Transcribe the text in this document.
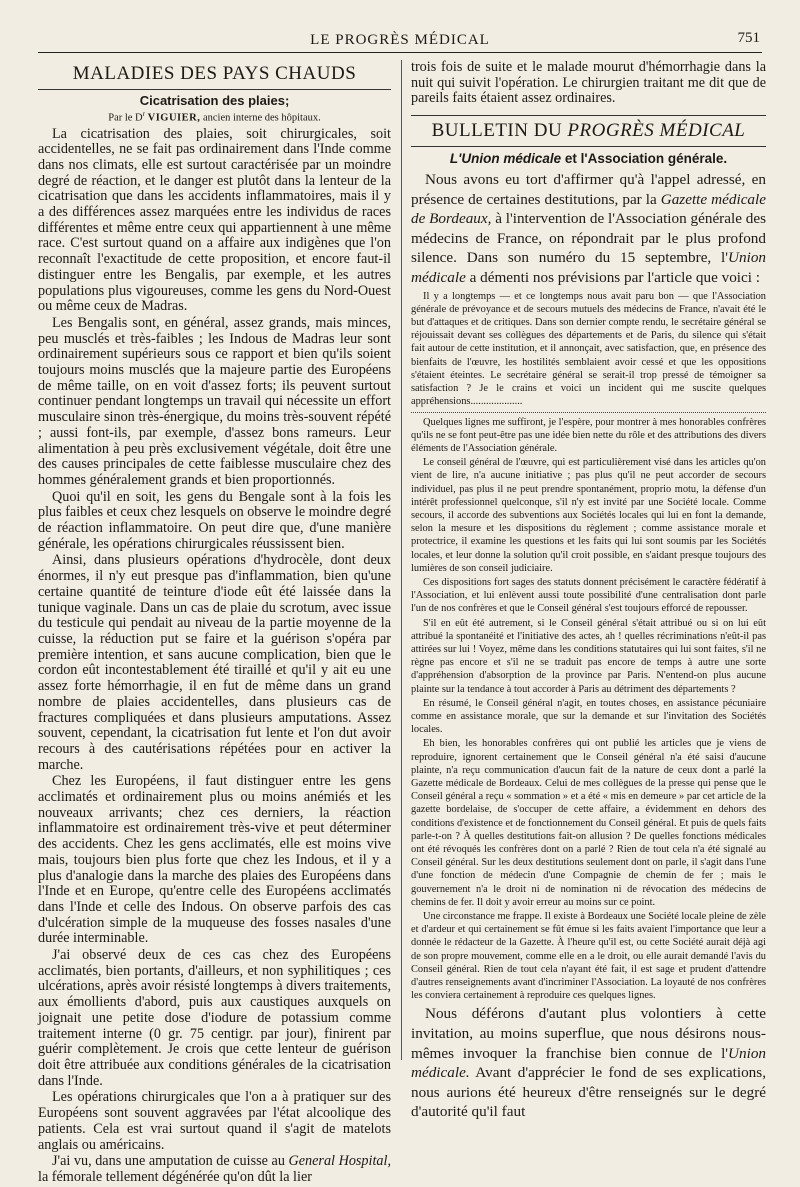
LE PROGRÈS MÉDICAL	751
MALADIES DES PAYS CHAUDS
Cicatrisation des plaies;
Par le $D^r$ VIGUIER, ancien interne des hôpitaux.

La cicatrisation des plaies, soit chirurgicales, soit accidentelles, ne se fait pas ordinairement dans l'Inde comme dans nos climats, elle est surtout caractérisée par un moindre degré de réaction, et le danger est plutôt dans la lenteur de la cicatrisation que dans les accidents inflammatoires, mais il y a des différences assez marquées entre les individus de races différentes et même entre ceux qui appartiennent à une même race. C'est surtout quand on a affaire aux indigènes que l'on reconnaît l'exactitude de cette proposition, et encore faut-il distinguer entre les Bengalis, par exemple, et les autres populations plus vigoureuses, comme les gens du Nord-Ouest ou même ceux de Madras.

Les Bengalis sont, en général, assez grands, mais minces, peu musclés et très-faibles ; les Indous de Madras leur sont ordinairement supérieurs sous ce rapport et bien qu'ils soient toujours moins musclés que la majeure partie des Européens de même taille, on en voit d'assez forts; ils peuvent surtout continuer pendant longtemps un travail qui nécessite un effort musculaire sinon très-énergique, du moins très-souvent répété ; aussi font-ils, par exemple, d'assez bons rameurs. Leur alimentation à peu près exclusivement végétale, doit être une des causes principales de cette faiblesse musculaire chez des hommes généralement grands et bien proportionnés.

Quoi qu'il en soit, les gens du Bengale sont à la fois les plus faibles et ceux chez lesquels on observe le moindre degré de réaction inflammatoire. On peut dire que, d'une manière générale, les opérations chirurgicales réussissent bien.

Ainsi, dans plusieurs opérations d'hydrocèle, dont deux énormes, il n'y eut presque pas d'inflammation, bien qu'une certaine quantité de teinture d'iode eût été laissée dans la tunique vaginale. Dans un cas de plaie du scrotum, avec issue du testicule qui pendait au niveau de la partie moyenne de la cuisse, la réduction put se faire et la guérison s'opéra par première intention, et sans aucune complication, bien que le cordon eût incontestablement été tiraillé et qu'il y ait eu une assez forte hémorrhagie, il en fut de même dans un grand nombre de plaies accidentelles, dans plusieurs cas de fractures compliquées et dans plusieurs amputations. Assez souvent, cependant, la cicatrisation fut lente et l'on dut avoir recours à des cautérisations répétées pour en activer la marche.

Chez les Européens, il faut distinguer entre les gens acclimatés et ordinairement plus ou moins anémiés et les nouveaux arrivants; chez ces derniers, la réaction inflammatoire est ordinairement très-vive et peut déterminer des accidents. Chez les gens acclimatés, elle est moins vive mais, toujours bien plus forte que chez les Indous, et il y a plus d'analogie dans la marche des plaies des Européens dans l'Inde et en Europe, qu'entre celle des Européens acclimatés dans l'Inde et celle des Indous. On observe parfois des cas d'ulcération simple de la muqueuse des fosses nasales d'une durée interminable.

J'ai observé deux de ces cas chez des Européens acclimatés, bien portants, d'ailleurs, et non syphilitiques ; ces ulcérations, après avoir résisté longtemps à divers traitements, aux émollients d'abord, puis aux caustiques auxquels on joignait une petite dose d'iodure de potassium comme traitement interne (0 gr. 75 centigr. par jour), finirent par guérir complètement. Je crois que cette lenteur de guérison doit être attribuée aux conditions générales de la cicatrisation dans l'Inde.

Les opérations chirurgicales que l'on a à pratiquer sur des Européens sont souvent aggravées par l'état alcoolique des patients. Cela est vrai surtout quand il s'agit de matelots anglais ou américains.

J'ai vu, dans une amputation de cuisse au General Hospital, la fémorale tellement dégénérée qu'on dût la lier

trois fois de suite et le malade mourut d'hémorrhagie dans la nuit qui suivit l'opération. Le chirurgien traitant me dit que de pareils faits étaient assez ordinaires.

BULLETIN DU PROGRÈS MÉDICAL
L'Union médicale et l'Association générale.

Nous avons eu tort d'affirmer qu'à l'appel adressé, en présence de certaines destitutions, par la Gazette médicale de Bordeaux, à l'intervention de l'Association générale des médecins de France, on répondrait par le plus profond silence. Dans son numéro du 15 septembre, l'Union médicale a démenti nos prévisions par l'article que voici :

Il y a longtemps — et ce longtemps nous avait paru bon — que l'Association générale de prévoyance et de secours mutuels des médecins de France, n'avait été le but d'attaques et de critiques. Dans son dernier compte rendu, le secrétaire général se réjouissait devant ses collègues des départements et de Paris, du silence qui s'était fait autour de cette institution, et il annonçait, avec satisfaction, que, en présence des bienfaits de l'œuvre, les hostilités semblaient avoir cessé et que les oppositions s'étaient éteintes. Le secrétaire général se serait-il trop pressé de témoigner sa satisfaction ? Je le crains et voici un incident qui me suscite quelques appréhensions....................

Quelques lignes me suffiront, je l'espère, pour montrer à mes honorables confrères qu'ils ne se font peut-être pas une idée bien nette du rôle et des attributions des divers éléments de l'Association générale.

Le conseil général de l'œuvre, qui est particulièrement visé dans les articles qu'on vient de lire, n'a aucune initiative ; pas plus qu'il ne peut accorder de secours individuel, pas plus il ne peut prendre spontanément, proprio motu, la défense d'un intérêt professionnel quelconque, s'il n'y est invité par une Société locale. Comme secours, il accorde des subventions aux Sociétés locales qui lui en font la demande, selon la mesure et les dispositions du règlement ; comme assistance morale et protectrice, il examine les questions et les faits qui lui sont soumis par les Sociétés locales, et leur donne la solution qu'il croit possible, en s'aidant presque toujours des lumières de son conseil judiciaire.

Ces dispositions fort sages des statuts donnent précisément le caractère fédératif à l'Association, et lui enlèvent aussi toute possibilité d'une centralisation dont parle l'un de nos confrères et que le Conseil général s'est toujours efforcé de repousser.

S'il en eût été autrement, si le Conseil général s'était attribué ou si on lui eût attribué la spontanéité et l'initiative des actes, ah ! quelles récriminations n'eût-il pas attirées sur lui ! Voyez, même dans les conditions statutaires qui lui sont faites, s'il ne règne pas encore et s'il ne se traduit pas encore de temps à autre une sorte d'appréhension d'absorption de la province par Paris. N'entend-on plus aucune plainte sur la tendance à tout accorder à Paris au détriment des départements ?

En résumé, le Conseil général n'agit, en toutes choses, en assistance pécuniaire comme en assistance morale, que sur la demande et sur l'invitation des Sociétés locales.

Eh bien, les honorables confrères qui ont publié les articles que je viens de reproduire, ignorent certainement que le Conseil général n'a été saisi d'aucune plainte, n'a reçu communication d'aucun fait de la nature de ceux dont a parlé la Gazette médicale de Bordeaux. Celui de mes collègues de la presse qui pense que le Conseil général a reçu « sommation » et a été « mis en demeure » par cet article de la gazette bordelaise, de s'occuper de cette affaire, a évidemment en dehors des conditions d'existence et de fonctionnement du Conseil général. Et puis de quels faits parle-t-on ? À quelles destitutions fait-on allusion ? De quelles fonctions médicales ont été révoqués les confrères dont on a parlé ? Rien de tout cela n'a été signalé au Conseil général. Sur les deux destitutions seulement dont on parle, il s'agit dans l'une d'une fonction de médecin d'une Compagnie de chemin de fer ; mais le gouvernement n'a le droit ni de nomination ni de révocation des médecins de chemins de fer. Il doit y avoir erreur au moins sur ce point.

Une circonstance me frappe. Il existe à Bordeaux une Société locale pleine de zèle et d'ardeur et qui certainement se fût émue si les faits avaient l'importance que leur a donnée le rédacteur de la Gazette. À l'heure qu'il est, ou cette Société aurait déjà agi de son propre mouvement, comme elle en a le droit, ou elle aurait demandé l'avis du Conseil général. Rien de tout cela n'ayant été fait, il est sage et prudent d'attendre d'autres renseignements avant d'incriminer l'Association. La loyauté de nos confrères les conviera certainement à reproduire ces quelques lignes.

Nous déférons d'autant plus volontiers à cette invitation, au moins superflue, que nous désirons nous-mêmes invoquer la franchise bien connue de l'Union médicale. Avant d'apprécier le fond de ses explications, nous aurions été heureux d'être renseignés sur le degré d'autorité qu'il faut
